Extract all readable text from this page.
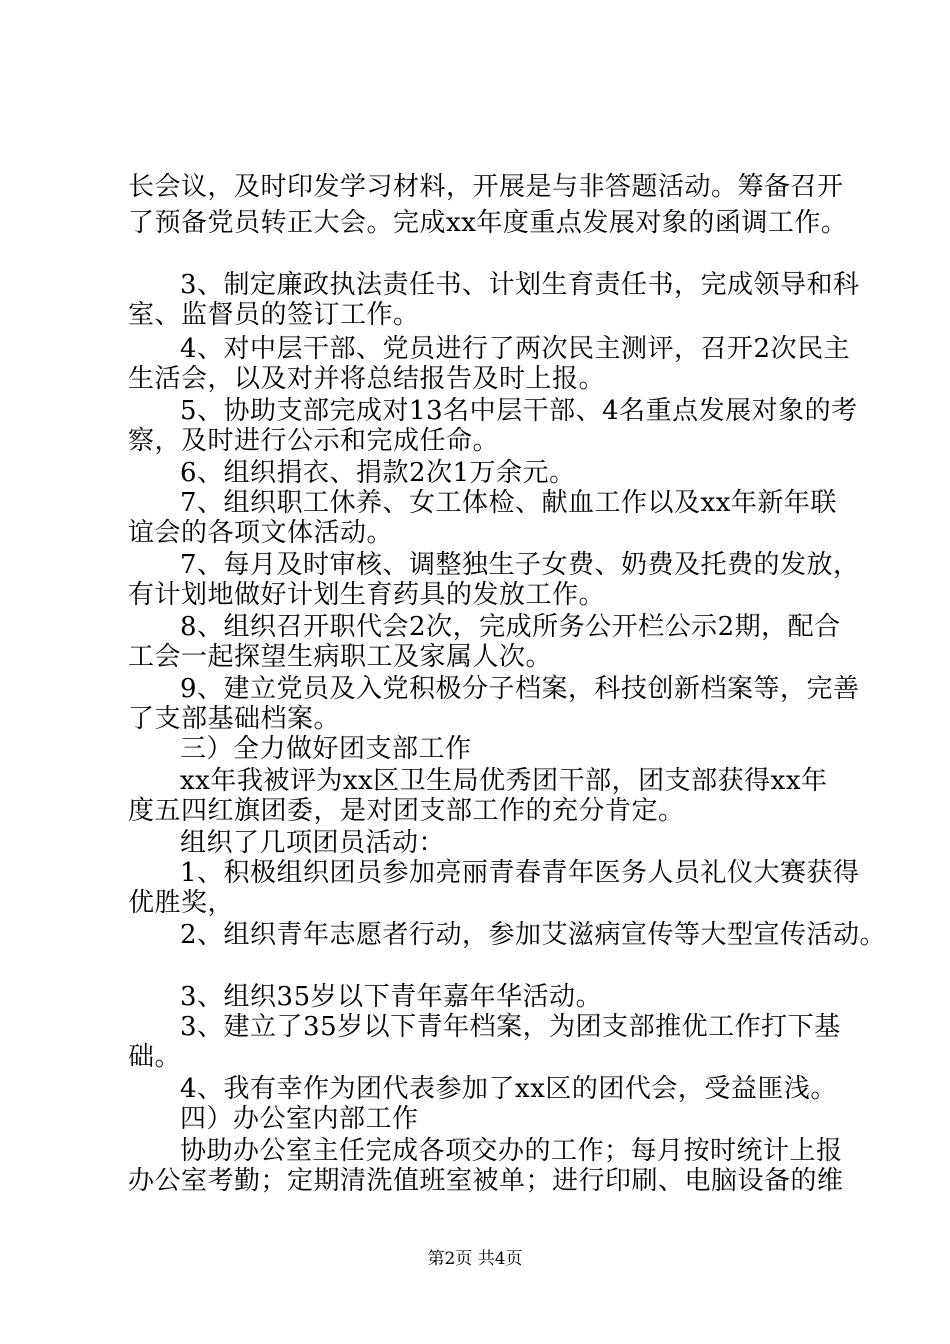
长会议，及时印发学习材料，开展是与非答题活动。筹备召开
了预备党员转正大会。完成xx年度重点发展对象的函调工作。
3、制定廉政执法责任书、计划生育责任书，完成领导和科
室、监督员的签订工作。
4、对中层干部、党员进行了两次民主测评，召开2次民主
生活会，以及对并将总结报告及时上报。
5、协助支部完成对13名中层干部、4名重点发展对象的考
察，及时进行公示和完成任命。
6、组织捐衣、捐款2次1万余元。
7、组织职工休养、女工体检、献血工作以及xx年新年联
谊会的各项文体活动。
7、每月及时审核、调整独生子女费、奶费及托费的发放，
有计划地做好计划生育药具的发放工作。
8、组织召开职代会2次，完成所务公开栏公示2期，配合
工会一起探望生病职工及家属人次。
9、建立党员及入党积极分子档案，科技创新档案等，完善
了支部基础档案。
三）全力做好团支部工作
xx年我被评为xx区卫生局优秀团干部，团支部获得xx年
度五四红旗团委，是对团支部工作的充分肯定。
组织了几项团员活动：
1、积极组织团员参加亮丽青春青年医务人员礼仪大赛获得
优胜奖，
2、组织青年志愿者行动，参加艾滋病宣传等大型宣传活动。
3、组织35岁以下青年嘉年华活动。
3、建立了35岁以下青年档案，为团支部推优工作打下基
础。
4、我有幸作为团代表参加了xx区的团代会，受益匪浅。
四）办公室内部工作
协助办公室主任完成各项交办的工作；每月按时统计上报
办公室考勤；定期清洗值班室被单；进行印刷、电脑设备的维
第2页 共4页
